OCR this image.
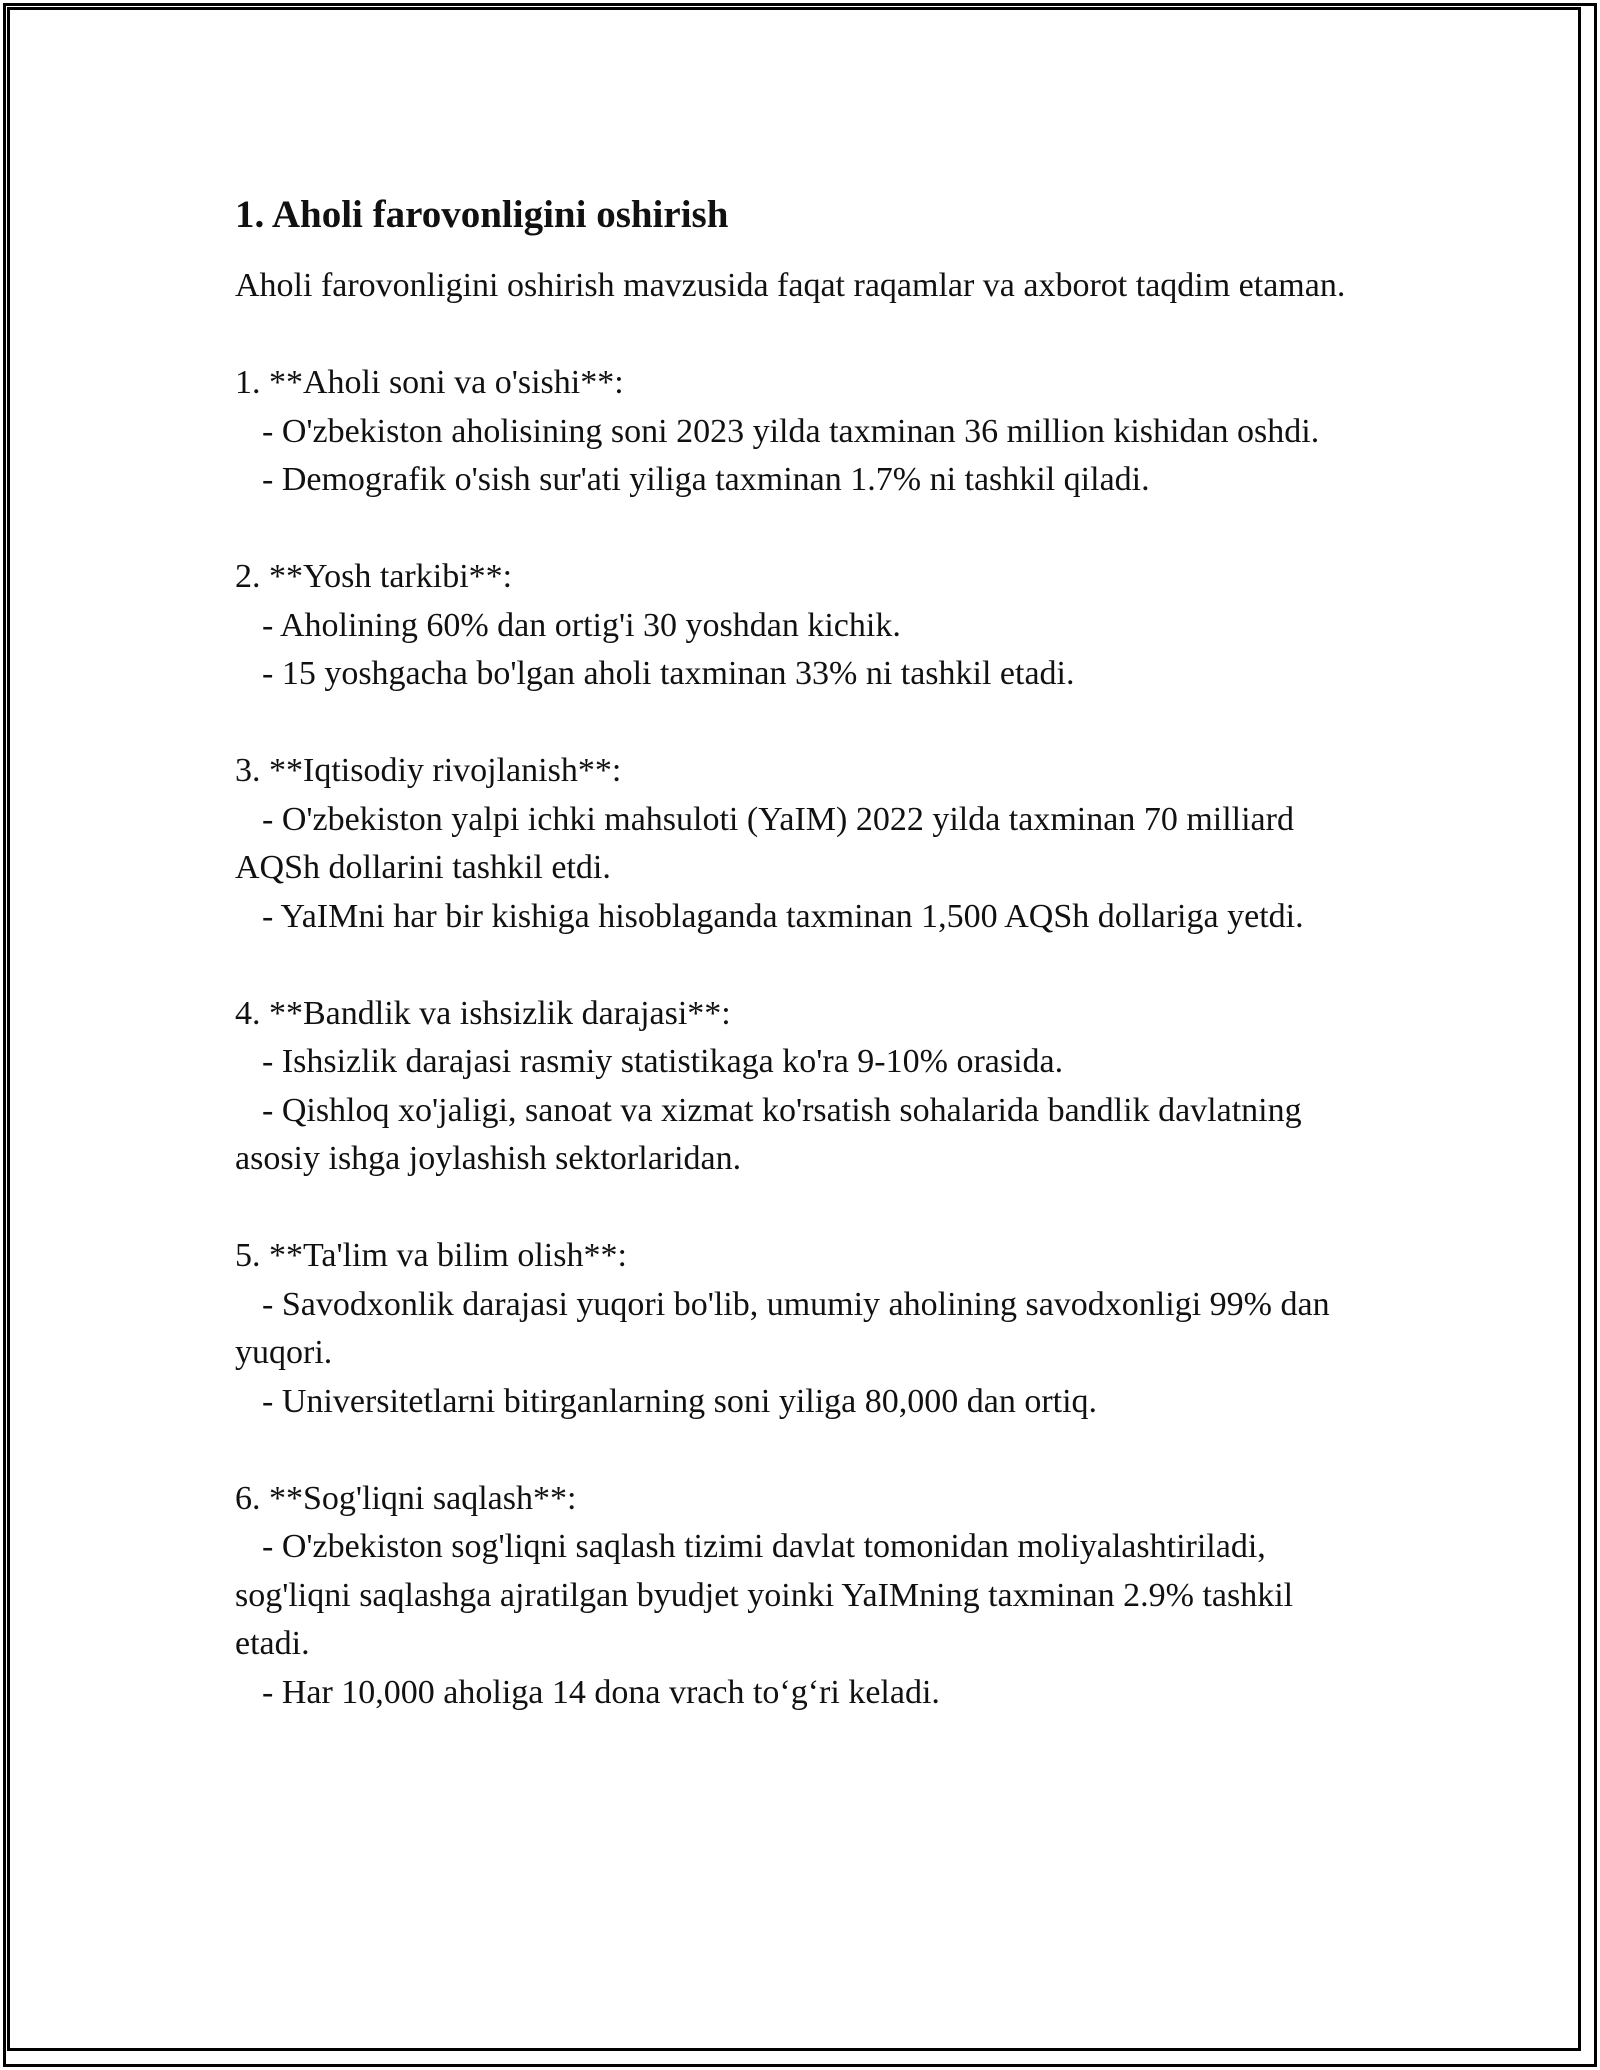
1. Aholi farovonligini oshirish

Aholi farovonligini oshirish mavzusida faqat raqamlar va axborot taqdim etaman.

1. **Aholi soni va o'sishi**:
- O'zbekiston aholisining soni 2023 yilda taxminan 36 million kishidan oshdi.
- Demografik o'sish sur'ati yiliga taxminan 1.7% ni tashkil qiladi.
2. **Yosh tarkibi**:
- Aholining 60% dan ortig'i 30 yoshdan kichik.
- 15 yoshgacha bo'lgan aholi taxminan 33% ni tashkil etadi.
3. **Iqtisodiy rivojlanish**:
- O'zbekiston yalpi ichki mahsuloti (YaIM) 2022 yilda taxminan 70 milliard AQSh dollarini tashkil etdi.
- YaIMni har bir kishiga hisoblaganda taxminan 1,500 AQSh dollariga yetdi.
4. **Bandlik va ishsizlik darajasi**:
- Ishsizlik darajasi rasmiy statistikaga ko'ra 9-10% orasida.
- Qishloq xo'jaligi, sanoat va xizmat ko'rsatish sohalarida bandlik davlatning asosiy ishga joylashish sektorlaridan.
5. **Ta'lim va bilim olish**:
- Savodxonlik darajasi yuqori bo'lib, umumiy aholining savodxonligi 99% dan yuqori.
- Universitetlarni bitirganlarning soni yiliga 80,000 dan ortiq.
6. **Sog'liqni saqlash**:
- O'zbekiston sog'liqni saqlash tizimi davlat tomonidan moliyalashtiriladi, sog'liqni saqlashga ajratilgan byudjet yoinki YaIMning taxminan 2.9% tashkil etadi.
- Har 10,000 aholiga 14 dona vrach to‘g‘ri keladi.
